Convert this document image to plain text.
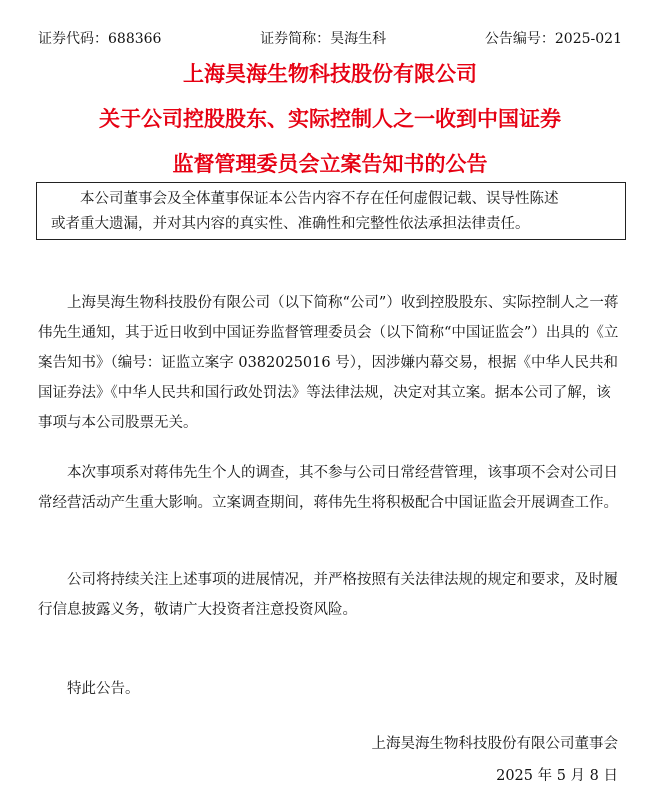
证券代码：688366	证券简称：昊海生科	公告编号：2025-021
上海昊海生物科技股份有限公司
关于公司控股股东、实际控制人之一收到中国证券
监督管理委员会立案告知书的公告

本公司董事会及全体董事保证本公告内容不存在任何虚假记载、误导性陈述

或者重大遗漏，并对其内容的真实性、准确性和完整性依法承担法律责任。

上海昊海生物科技股份有限公司（以下简称“公司”）收到控股股东、实际控制人之一蒋伟先生通知，其于近日收到中国证券监督管理委员会（以下简称“中国证监会”）出具的《立案告知书》（编号：证监立案字 0382025016 号），因涉嫌内幕交易，根据《中华人民共和国证券法》《中华人民共和国行政处罚法》等法律法规，决定对其立案。据本公司了解，该事项与本公司股票无关。

本次事项系对蒋伟先生个人的调查，其不参与公司日常经营管理，该事项不会对公司日常经营活动产生重大影响。立案调查期间，蒋伟先生将积极配合中国证监会开展调查工作。

公司将持续关注上述事项的进展情况，并严格按照有关法律法规的规定和要求，及时履行信息披露义务，敬请广大投资者注意投资风险。

特此公告。

上海昊海生物科技股份有限公司董事会
2025 年 5 月 8 日
